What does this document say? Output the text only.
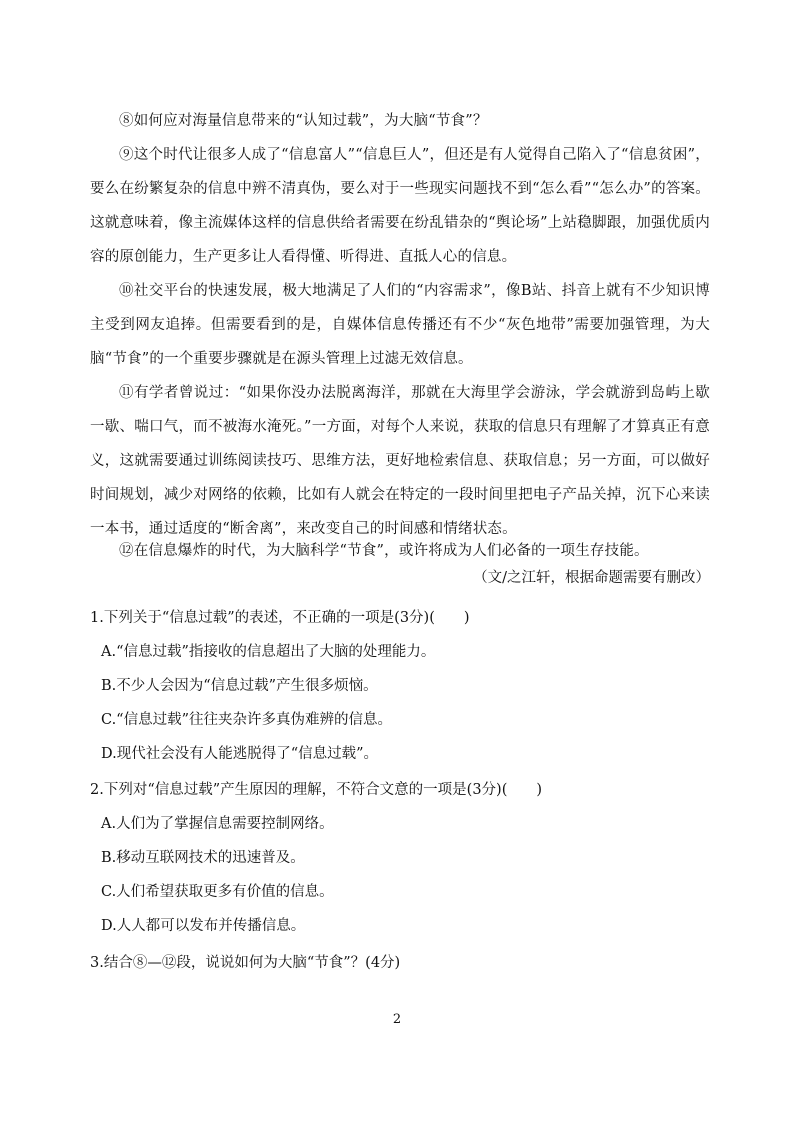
⑧如何应对海量信息带来的“认知过载”，为大脑“节食”？

⑨这个时代让很多人成了“信息富人”“信息巨人”，但还是有人觉得自己陷入了“信息贫困”，要么在纷繁复杂的信息中辨不清真伪，要么对于一些现实问题找不到“怎么看”“怎么办”的答案。这就意味着，像主流媒体这样的信息供给者需要在纷乱错杂的“舆论场”上站稳脚跟，加强优质内容的原创能力，生产更多让人看得懂、听得进、直抵人心的信息。

⑩社交平台的快速发展，极大地满足了人们的“内容需求”，像B站、抖音上就有不少知识博主受到网友追捧。但需要看到的是，自媒体信息传播还有不少“灰色地带”需要加强管理，为大脑“节食”的一个重要步骤就是在源头管理上过滤无效信息。

⑪有学者曾说过：“如果你没办法脱离海洋，那就在大海里学会游泳，学会就游到岛屿上歇一歇、喘口气，而不被海水淹死。”一方面，对每个人来说，获取的信息只有理解了才算真正有意义，这就需要通过训练阅读技巧、思维方法，更好地检索信息、获取信息；另一方面，可以做好时间规划，减少对网络的依赖，比如有人就会在特定的一段时间里把电子产品关掉，沉下心来读一本书，通过适度的“断舍离”，来改变自己的时间感和情绪状态。

⑫在信息爆炸的时代，为大脑科学“节食”，或许将成为人们必备的一项生存技能。

（文/之江轩，根据命题需要有删改）

1.下列关于“信息过载”的表述，不正确的一项是(3分)(　　)

A.“信息过载”指接收的信息超出了大脑的处理能力。

B.不少人会因为“信息过载”产生很多烦恼。

C.“信息过载”往往夹杂许多真伪难辨的信息。

D.现代社会没有人能逃脱得了“信息过载”。

2.下列对“信息过载”产生原因的理解，不符合文意的一项是(3分)(　　)

A.人们为了掌握信息需要控制网络。

B.移动互联网技术的迅速普及。

C.人们希望获取更多有价值的信息。

D.人人都可以发布并传播信息。

3.结合⑧—⑫段，说说如何为大脑“节食”？(4分)

2
